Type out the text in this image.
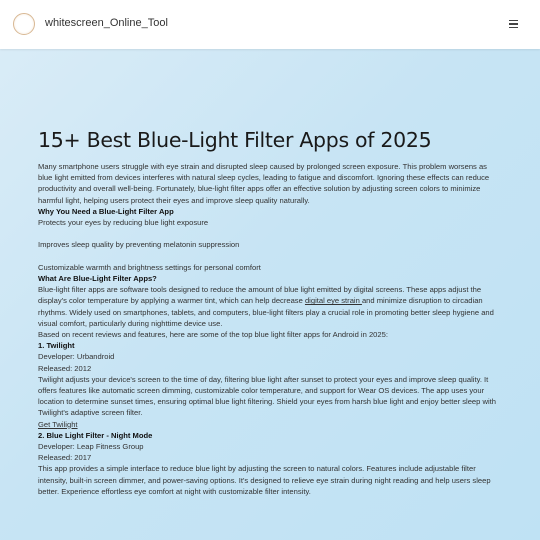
whitescreen_Online_Tool
15+ Best Blue-Light Filter Apps of 2025

Many smartphone users struggle with eye strain and disrupted sleep caused by prolonged screen exposure. This problem worsens as blue light emitted from devices interferes with natural sleep cycles, leading to fatigue and discomfort. Ignoring these effects can reduce productivity and overall well-being. Fortunately, blue-light filter apps offer an effective solution by adjusting screen colors to minimize harmful light, helping users protect their eyes and improve sleep quality naturally.

Why You Need a Blue-Light Filter App

Protects your eyes by reducing blue light exposure

Improves sleep quality by preventing melatonin suppression

Customizable warmth and brightness settings for personal comfort

What Are Blue-Light Filter Apps?

Blue-light filter apps are software tools designed to reduce the amount of blue light emitted by digital screens. These apps adjust the display's color temperature by applying a warmer tint, which can help decrease digital eye strain and minimize disruption to circadian rhythms. Widely used on smartphones, tablets, and computers, blue-light filters play a crucial role in promoting better sleep hygiene and visual comfort, particularly during nighttime device use.

Based on recent reviews and features, here are some of the top blue light filter apps for Android in 2025:

1. Twilight

Developer: Urbandroid

Released: 2012

Twilight adjusts your device's screen to the time of day, filtering blue light after sunset to protect your eyes and improve sleep quality. It offers features like automatic screen dimming, customizable color temperature, and support for Wear OS devices. The app uses your location to determine sunset times, ensuring optimal blue light filtering. Shield your eyes from harsh blue light and enjoy better sleep with Twilight's adaptive screen filter.

Get Twilight

2. Blue Light Filter - Night Mode

Developer: Leap Fitness Group

Released: 2017

This app provides a simple interface to reduce blue light by adjusting the screen to natural colors. Features include adjustable filter intensity, built-in screen dimmer, and power-saving options. It's designed to relieve eye strain during night reading and help users sleep better. Experience effortless eye comfort at night with customizable filter intensity.
